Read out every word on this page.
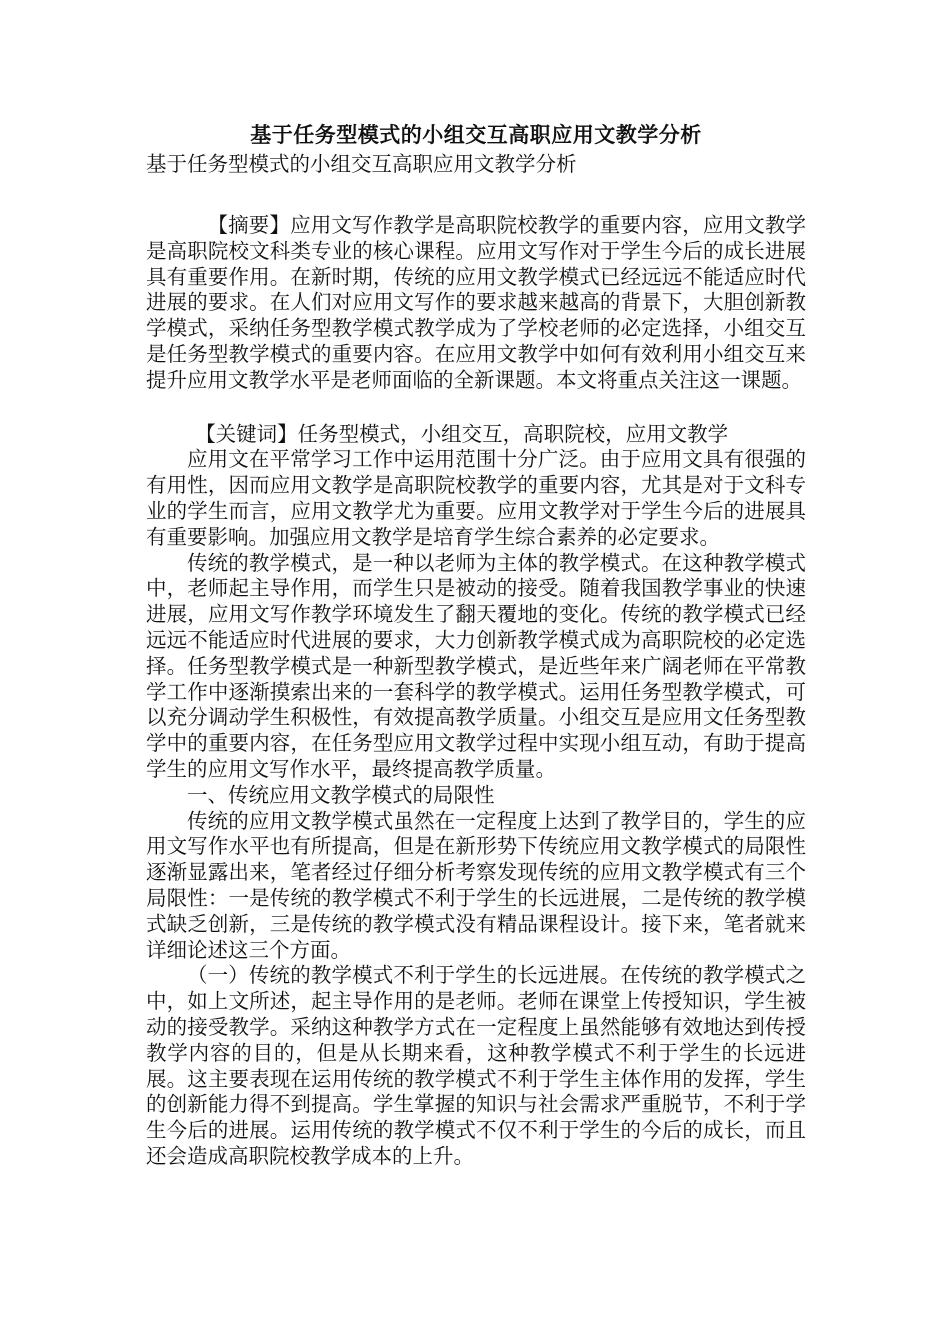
基于任务型模式的小组交互高职应用文教学分析

基于任务型模式的小组交互高职应用文教学分析

【摘要】应用文写作教学是高职院校教学的重要内容，应用文教学是高职院校文科类专业的核心课程。应用文写作对于学生今后的成长进展具有重要作用。在新时期，传统的应用文教学模式已经远远不能适应时代进展的要求。在人们对应用文写作的要求越来越高的背景下，大胆创新教学模式，采纳任务型教学模式教学成为了学校老师的必定选择，小组交互是任务型教学模式的重要内容。在应用文教学中如何有效利用小组交互来提升应用文教学水平是老师面临的全新课题。本文将重点关注这一课题。

【关键词】任务型模式，小组交互，高职院校，应用文教学

应用文在平常学习工作中运用范围十分广泛。由于应用文具有很强的有用性，因而应用文教学是高职院校教学的重要内容，尤其是对于文科专业的学生而言，应用文教学尤为重要。应用文教学对于学生今后的进展具有重要影响。加强应用文教学是培育学生综合素养的必定要求。

传统的教学模式，是一种以老师为主体的教学模式。在这种教学模式中，老师起主导作用，而学生只是被动的接受。随着我国教学事业的快速进展，应用文写作教学环境发生了翻天覆地的变化。传统的教学模式已经远远不能适应时代进展的要求，大力创新教学模式成为高职院校的必定选择。任务型教学模式是一种新型教学模式，是近些年来广阔老师在平常教学工作中逐渐摸索出来的一套科学的教学模式。运用任务型教学模式，可以充分调动学生积极性，有效提高教学质量。小组交互是应用文任务型教学中的重要内容，在任务型应用文教学过程中实现小组互动，有助于提高学生的应用文写作水平，最终提高教学质量。

一、传统应用文教学模式的局限性

传统的应用文教学模式虽然在一定程度上达到了教学目的，学生的应用文写作水平也有所提高，但是在新形势下传统应用文教学模式的局限性逐渐显露出来，笔者经过仔细分析考察发现传统的应用文教学模式有三个局限性：一是传统的教学模式不利于学生的长远进展，二是传统的教学模式缺乏创新，三是传统的教学模式没有精品课程设计。接下来，笔者就来详细论述这三个方面。

（一）传统的教学模式不利于学生的长远进展。在传统的教学模式之中，如上文所述，起主导作用的是老师。老师在课堂上传授知识，学生被动的接受教学。采纳这种教学方式在一定程度上虽然能够有效地达到传授教学内容的目的，但是从长期来看，这种教学模式不利于学生的长远进展。这主要表现在运用传统的教学模式不利于学生主体作用的发挥，学生的创新能力得不到提高。学生掌握的知识与社会需求严重脱节，不利于学生今后的进展。运用传统的教学模式不仅不利于学生的今后的成长，而且还会造成高职院校教学成本的上升。
